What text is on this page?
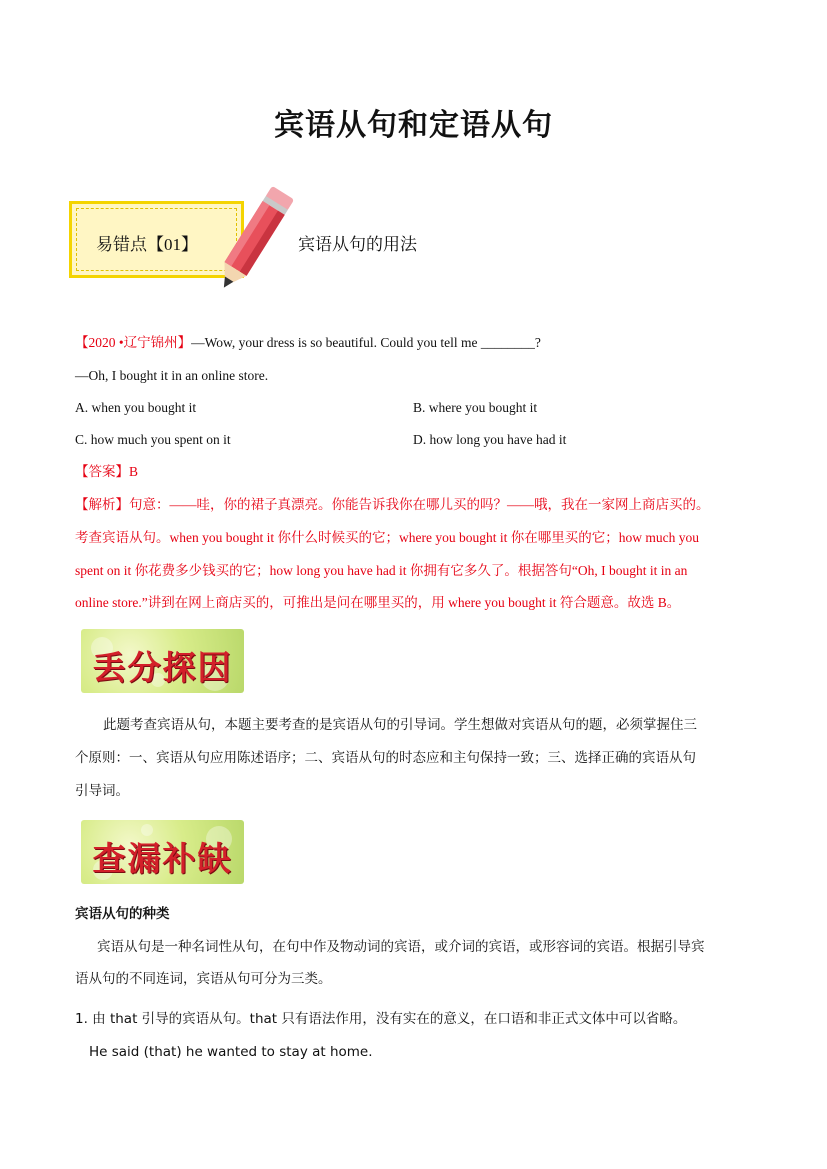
宾语从句和定语从句
易错点【01】	宾语从句的用法
【2020 •辽宁锦州】—Wow, your dress is so beautiful. Could you tell me ________?
—Oh, I bought it in an online store.
A. when you bought it	B. where you bought it
C. how much you spent on it	D. how long you have had it
【答案】B
【解析】句意：——哇，你的裙子真漂亮。你能告诉我你在哪儿买的吗？——哦，我在一家网上商店买的。
考查宾语从句。when you bought it 你什么时候买的它；where you bought it 你在哪里买的它；how much you
spent on it 你花费多少钱买的它；how long you have had it 你拥有它多久了。根据答句“Oh, I bought it in an
online store.”讲到在网上商店买的，可推出是问在哪里买的，用 where you bought it 符合题意。故选 B。
丢分探因
此题考查宾语从句，本题主要考查的是宾语从句的引导词。学生想做对宾语从句的题，必须掌握住三
个原则：一、宾语从句应用陈述语序；二、宾语从句的时态应和主句保持一致；三、选择正确的宾语从句
引导词。
查漏补缺
宾语从句的种类
宾语从句是一种名词性从句，在句中作及物动词的宾语，或介词的宾语，或形容词的宾语。根据引导宾
语从句的不同连词，宾语从句可分为三类。
1. 由 that 引导的宾语从句。that 只有语法作用，没有实在的意义，在口语和非正式文体中可以省略。
He said (that) he wanted to stay at home.
